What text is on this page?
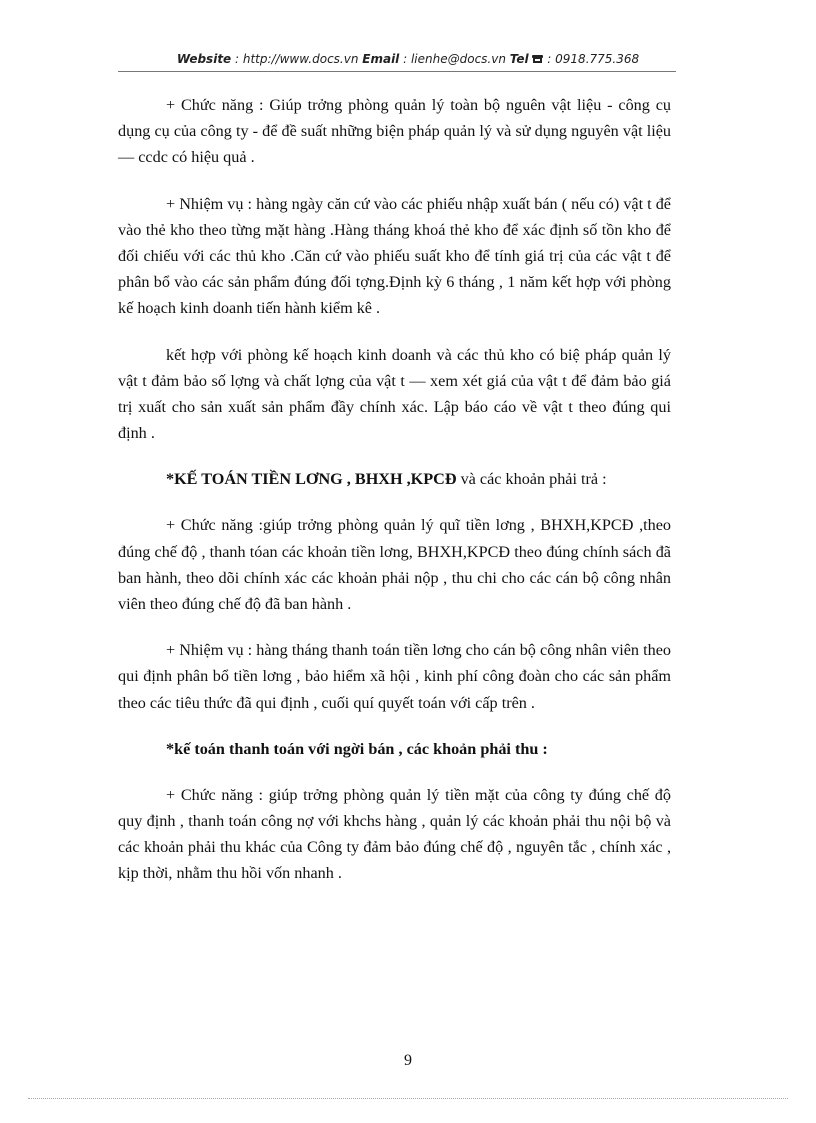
Website : http://www.docs.vn Email : lienhe@docs.vn Tel  : 0918.775.368

+ Chức năng : Giúp trởng phòng quản lý toàn bộ nguên vật liệu - công cụ dụng cụ của công ty - để đề suất những biện pháp quản lý và sử dụng nguyên vật liệu — ccdc có hiệu quả .

+ Nhiệm vụ : hàng ngày căn cứ vào các phiếu nhập xuất bán ( nếu có) vật t để vào thẻ kho theo từng mặt hàng .Hàng tháng khoá thẻ kho để xác định số tồn kho để đối chiếu với các thủ kho .Căn cứ vào phiếu suất kho để tính giá trị của các vật t để phân bổ vào các sản phẩm đúng đối tợng.Định kỳ 6 tháng , 1 năm kết hợp với phòng kế hoạch kinh doanh tiến hành kiểm kê .

kết hợp với phòng kế hoạch kinh doanh và các thủ kho có biệ pháp quản lý vật t đảm bảo số lợng và chất lợng của vật t — xem xét giá của vật t để đảm bảo giá trị xuất cho sản xuất sản phẩm đầy chính xác. Lập báo cáo về vật t theo đúng qui định .

*KẾ TOÁN TIỀN LƠNG , BHXH ,KPCĐ và các khoản phải trả :

+ Chức năng :giúp trởng phòng quản lý quĩ tiền lơng , BHXH,KPCĐ ,theo đúng chế độ , thanh tóan các khoản tiền lơng, BHXH,KPCĐ theo đúng chính sách đã ban hành, theo dõi chính xác các khoản phải nộp , thu chi cho các cán bộ công nhân viên theo đúng chế độ đã ban hành .

+ Nhiệm vụ : hàng tháng thanh toán tiền lơng cho cán bộ công nhân viên theo qui định phân bổ tiền lơng , bảo hiểm xã hội , kinh phí công đoàn cho các sản phẩm theo các tiêu thức đã qui định , cuối quí quyết toán với cấp trên .

*kế toán thanh toán với ngời bán , các khoản phải thu :

+ Chức năng : giúp trởng phòng quản lý tiền mặt của công ty đúng chế độ quy định , thanh toán công nợ với khchs hàng , quản lý các khoản phải thu nội bộ và các khoản phải thu khác của Công ty đảm bảo đúng chế độ , nguyên tắc , chính xác , kịp thời, nhằm thu hồi vốn nhanh .

9
